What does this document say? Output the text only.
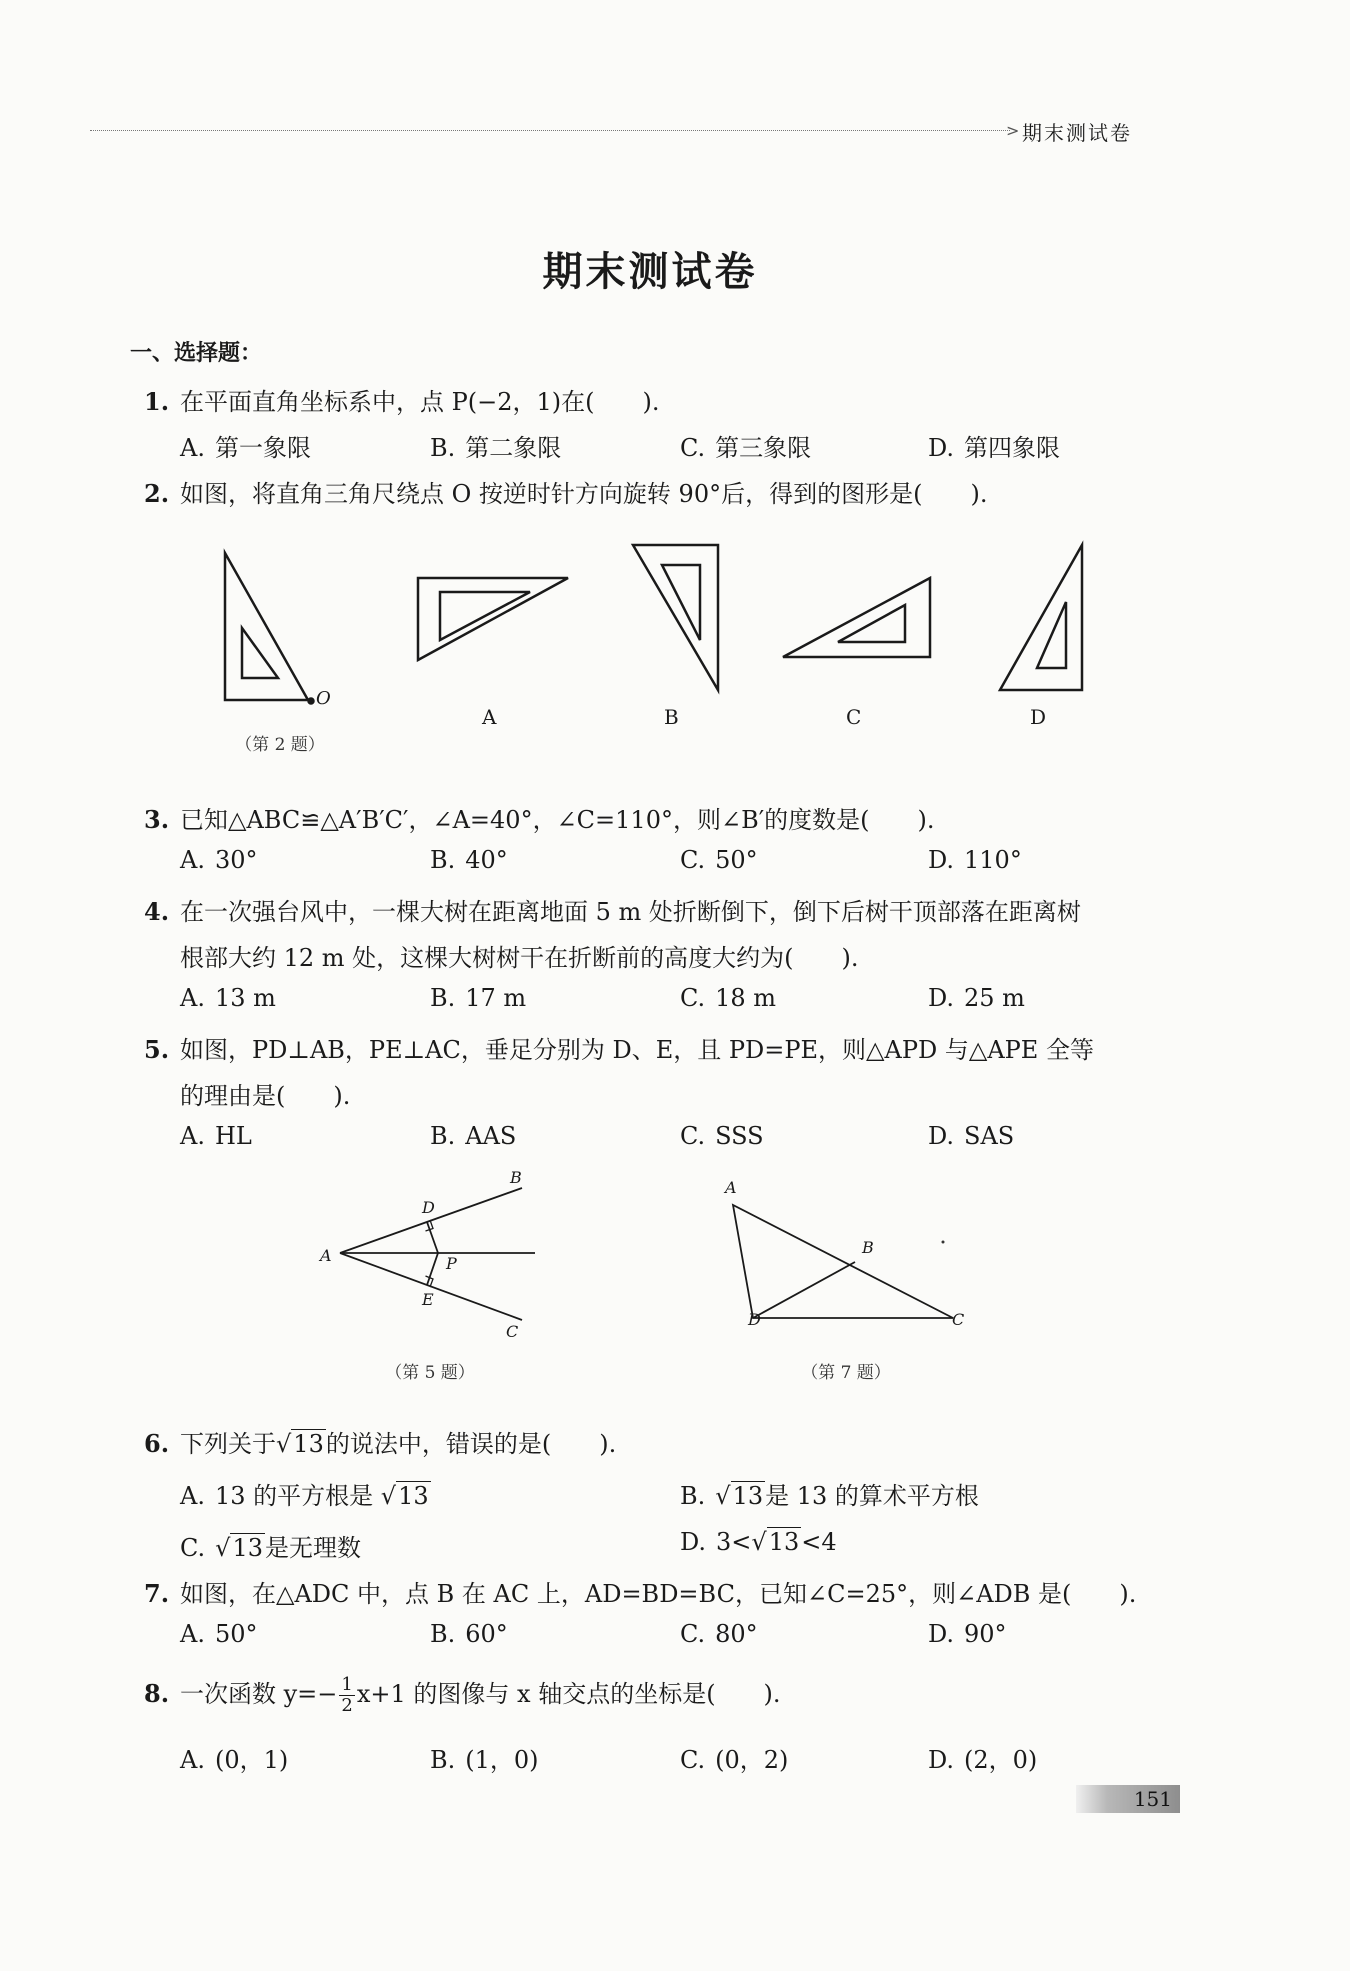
> 期末测试卷
期末测试卷
一、选择题：
1. 在平面直角坐标系中，点 P(−2，1)在(　　).
A. 第一象限	B. 第二象限	C. 第三象限	D. 第四象限
2. 如图，将直角三角尺绕点 O 按逆时针方向旋转 90°后，得到的图形是(　　).
O
（第 2 题）
A	B	C	D
3. 已知△ABC≌△A′B′C′，∠A=40°，∠C=110°，则∠B′的度数是(　　).
A. 30°	B. 40°	C. 50°	D. 110°
4. 在一次强台风中，一棵大树在距离地面 5 m 处折断倒下，倒下后树干顶部落在距离树
根部大约 12 m 处，这棵大树树干在折断前的高度大约为(　　).
A. 13 m	B. 17 m	C. 18 m	D. 25 m
5. 如图，PD⊥AB，PE⊥AC，垂足分别为 D、E，且 PD=PE，则△APD 与△APE 全等
的理由是(　　).
A. HL	B. AAS	C. SSS	D. SAS
B
D
A	P
E
C
（第 5 题）
A
B
D	C
（第 7 题）
6. 下列关于√13的说法中，错误的是(　　).
A. 13 的平方根是 √13	B. √13是 13 的算术平方根
C. √13是无理数	D. 3<√13<4
7. 如图，在△ADC 中，点 B 在 AC 上，AD=BD=BC，已知∠C=25°，则∠ADB 是(　　).
A. 50°	B. 60°	C. 80°	D. 90°
8. 一次函数 $y=- \frac{1}{2} x+1$ 的图像与 x 轴交点的坐标是(　　).
A. (0，1)	B. (1，0)	C. (0，2)	D. (2，0)
151
